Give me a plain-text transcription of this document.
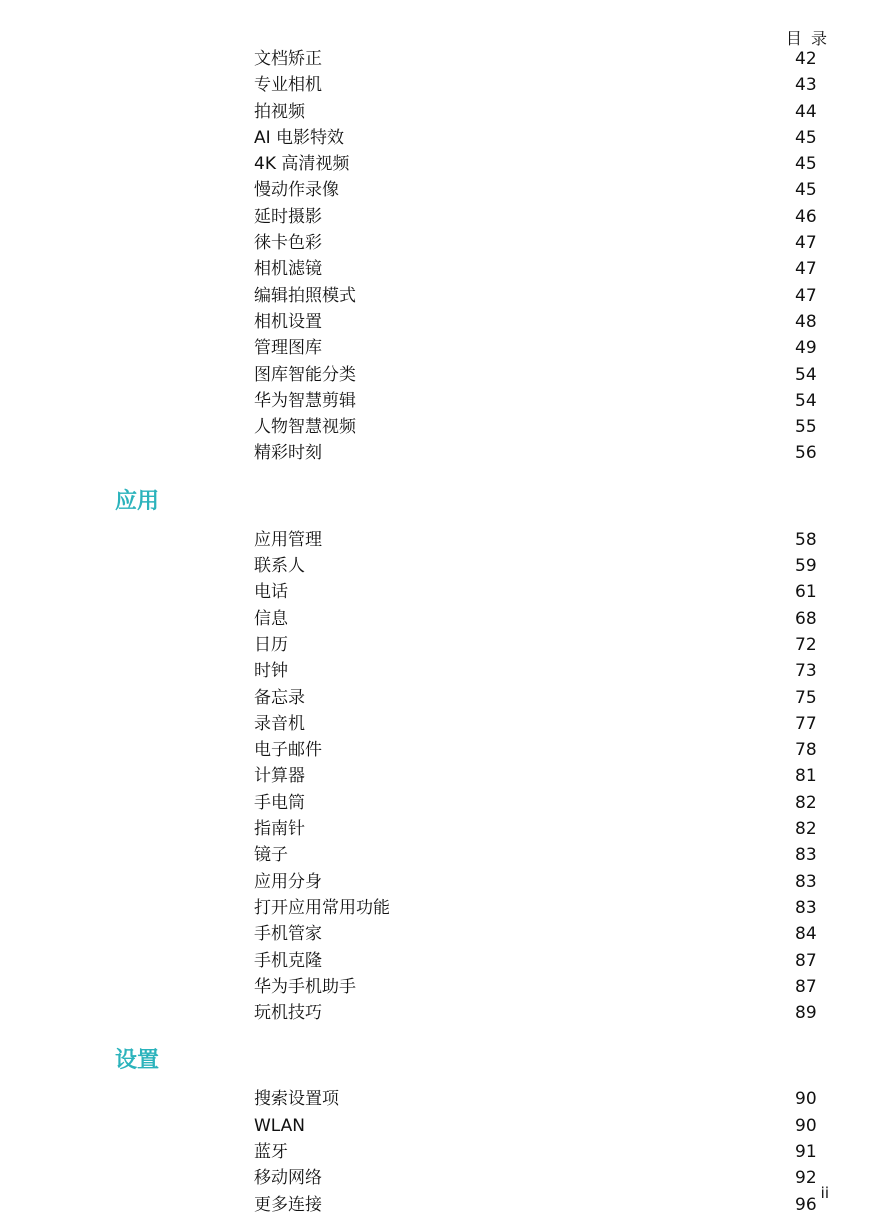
目 录
文档矫正	42
专业相机	43
拍视频	44
AI 电影特效	45
4K 高清视频	45
慢动作录像	45
延时摄影	46
徕卡色彩	47
相机滤镜	47
编辑拍照模式	47
相机设置	48
管理图库	49
图库智能分类	54
华为智慧剪辑	54
人物智慧视频	55
精彩时刻	56
应用
应用管理	58
联系人	59
电话	61
信息	68
日历	72
时钟	73
备忘录	75
录音机	77
电子邮件	78
计算器	81
手电筒	82
指南针	82
镜子	83
应用分身	83
打开应用常用功能	83
手机管家	84
手机克隆	87
华为手机助手	87
玩机技巧	89
设置
搜索设置项	90
WLAN	90
蓝牙	91
移动网络	92
更多连接	96
ii
